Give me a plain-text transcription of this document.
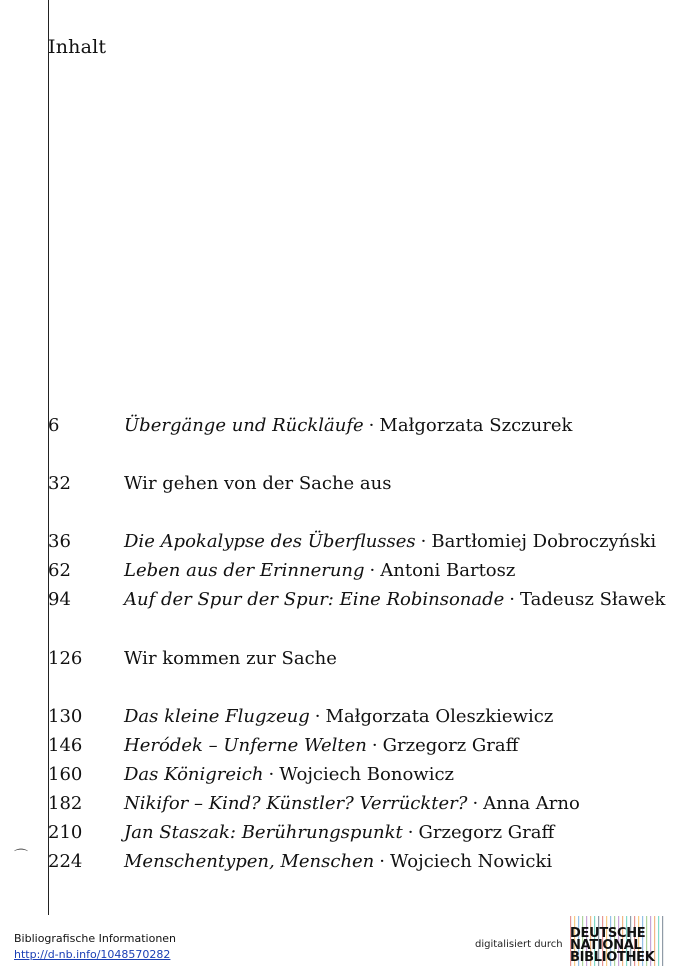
Inhalt
6	Übergänge und Rückläufe · Małgorzata Szczurek
32	Wir gehen von der Sache aus
36	Die Apokalypse des Überflusses · Bartłomiej Dobroczyński
62	Leben aus der Erinnerung · Antoni Bartosz
94	Auf der Spur der Spur: Eine Robinsonade · Tadeusz Sławek
126 Wir kommen zur Sache
130 Das kleine Flugzeug · Małgorzata Oleszkiewicz
146 Heródek – Unferne Welten · Grzegorz Graff
160 Das Königreich · Wojciech Bonowicz
182 Nikifor – Kind? Künstler? Verrückter? · Anna Arno
210 Jan Staszak: Berührungspunkt · Grzegorz Graff
224 Menschentypen, Menschen · Wojciech Nowicki
⌒
Bibliografische Informationen
http://d-nb.info/1048570282
digitalisiert durch
DEUTSCHE
NATIONAL
BIBLIOTHEK
